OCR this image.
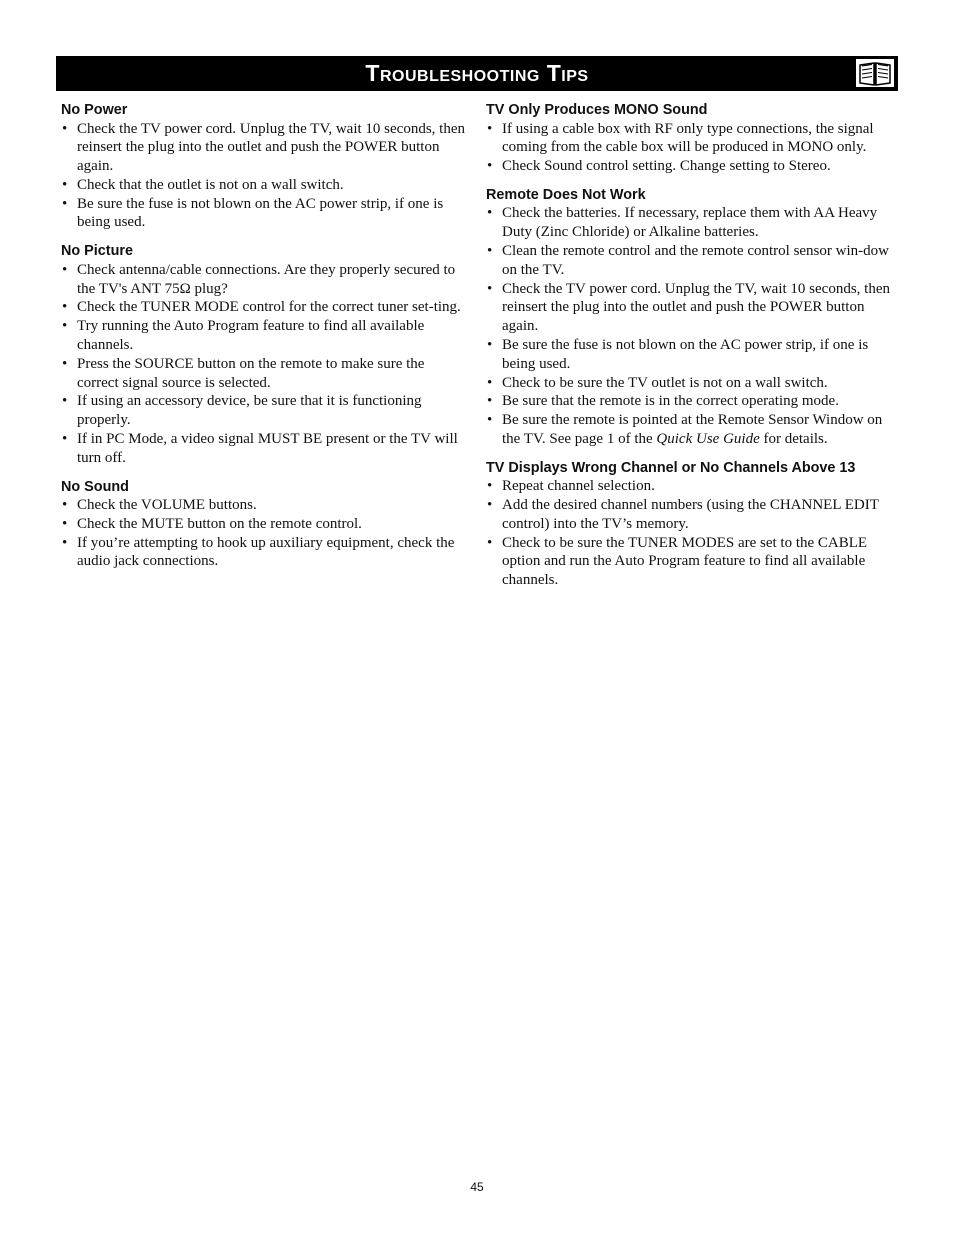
Troubleshooting Tips

No Power

• Check the TV power cord. Unplug the TV, wait 10 seconds, then reinsert the plug into the outlet and push the POWER button again.
• Check that the outlet is not on a wall switch.
• Be sure the fuse is not blown on the AC power strip, if one is being used.

No Picture

• Check antenna/cable connections. Are they properly secured to the TV's ANT 75Ω plug?
• Check the TUNER MODE control for the correct tuner set-ting.
• Try running the Auto Program feature to find all available channels.
• Press the SOURCE button on the remote to make sure the correct signal source is selected.
• If using an accessory device, be sure that it is functioning properly.
• If in PC Mode, a video signal MUST BE present or the TV will turn off.

No Sound

• Check the VOLUME buttons.
• Check the MUTE button on the remote control.
• If you’re attempting to hook up auxiliary equipment, check the audio jack connections.

TV Only Produces MONO Sound

• If using a cable box with RF only type connections, the signal coming from the cable box will be produced in MONO only.
• Check Sound control setting. Change setting to Stereo.

Remote Does Not Work

• Check the batteries. If necessary, replace them with AA Heavy Duty (Zinc Chloride) or Alkaline batteries.
• Clean the remote control and the remote control sensor win-dow on the TV.
• Check the TV power cord. Unplug the TV, wait 10 seconds, then reinsert the plug into the outlet and push the POWER button again.
• Be sure the fuse is not blown on the AC power strip, if one is being used.
• Check to be sure the TV outlet is not on a wall switch.
• Be sure that the remote is in the correct operating mode.
• Be sure the remote is pointed at the Remote Sensor Window on the TV. See page 1 of the Quick Use Guide for details.

TV Displays Wrong Channel or No Channels Above 13

• Repeat channel selection.
• Add the desired channel numbers (using the CHANNEL EDIT control) into the TV’s memory.
• Check to be sure the TUNER MODES are set to the CABLE option and run the Auto Program feature to find all available channels.
45
